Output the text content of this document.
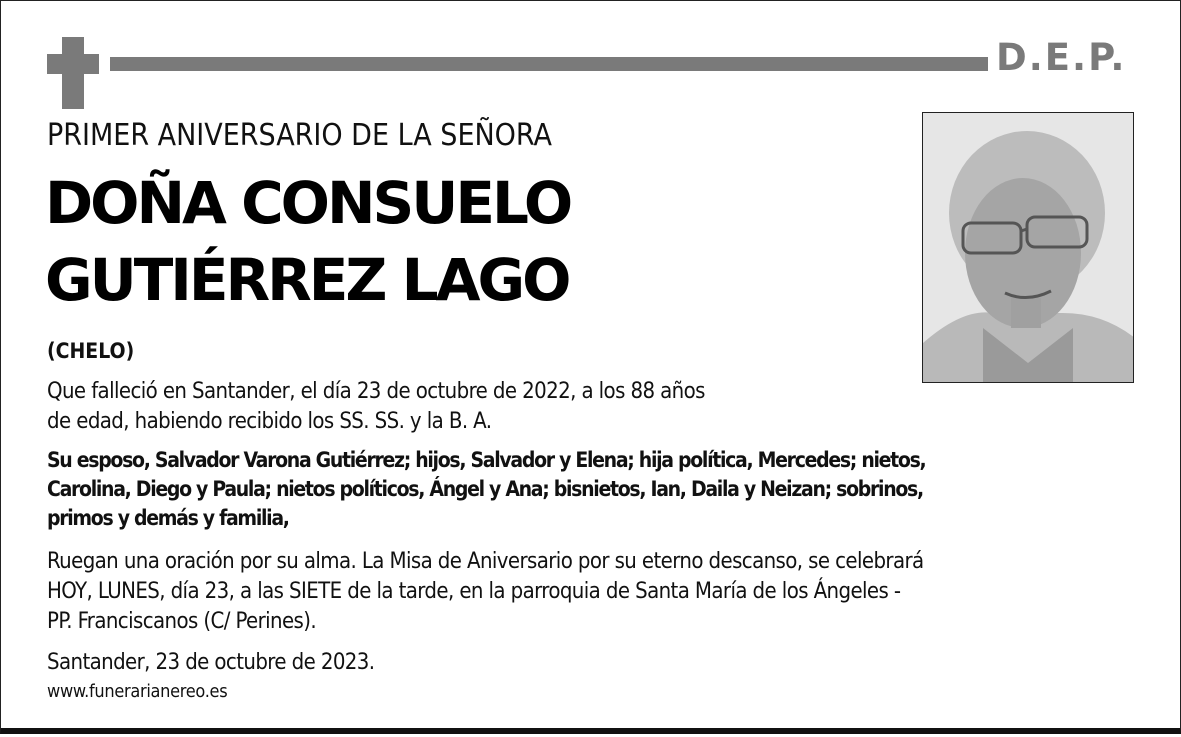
D.E.P.
PRIMER ANIVERSARIO DE LA SEÑORA
DOÑA CONSUELO
GUTIÉRREZ LAGO
(CHELO)
Que falleció en Santander, el día 23 de octubre de 2022, a los 88 años
de edad, habiendo recibido los SS. SS. y la B. A.
Su esposo, Salvador Varona Gutiérrez; hijos, Salvador y Elena; hija política, Mercedes; nietos,
Carolina, Diego y Paula; nietos políticos, Ángel y Ana; bisnietos, Ian, Daila y Neizan; sobrinos,
primos y demás y familia,
Ruegan una oración por su alma. La Misa de Aniversario por su eterno descanso, se celebrará
HOY, LUNES, día 23, a las SIETE de la tarde, en la parroquia de Santa María de los Ángeles -
PP. Franciscanos (C/ Perines).
Santander, 23 de octubre de 2023.
www.funerarianereo.es
